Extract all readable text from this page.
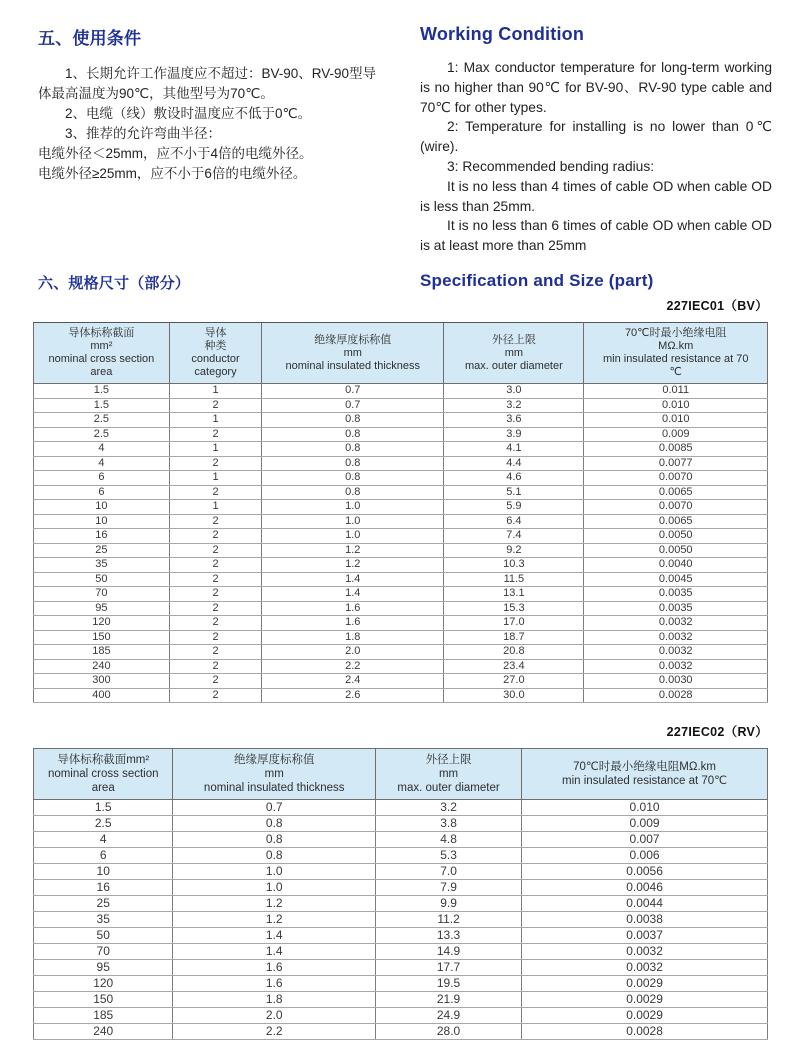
五、使用条件

1、长期允许工作温度应不超过：BV-90、RV-90型导体最高温度为90℃，其他型号为70℃。

2、电缆（线）敷设时温度应不低于0℃。

3、推荐的允许弯曲半径：

电缆外径＜25mm，应不小于4倍的电缆外径。

电缆外径≥25mm，应不小于6倍的电缆外径。

Working Condition

1: Max conductor temperature for long-term working is no higher than 90℃ for BV-90、RV-90 type cable and 70℃ for other types.

2: Temperature for installing is no lower than 0℃ (wire).

3: Recommended bending radius:

It is no less than 4 times of cable OD when cable OD is less than 25mm.

It is no less than 6 times of cable OD when cable OD is at least more than 25mm

六、规格尺寸（部分）	Specification and Size (part)
227IEC01（BV）
导体标称截面
mm²
nominal cross section
area

导体
种类
conductor
category

绝缘厚度标称值
mm
nominal insulated thickness

外径上限
mm
max. outer diameter

70℃时最小绝缘电阻
MΩ.km
min insulated resistance at 70
℃

1.5	1	0.7	3.0	0.011
1.5	2	0.7	3.2	0.010
2.5	1	0.8	3.6	0.010
2.5	2	0.8	3.9	0.009
4	1	0.8	4.1	0.0085
4	2	0.8	4.4	0.0077
6	1	0.8	4.6	0.0070
6	2	0.8	5.1	0.0065
10	1	1.0	5.9	0.0070
10	2	1.0	6.4	0.0065
16	2	1.0	7.4	0.0050
25	2	1.2	9.2	0.0050
35	2	1.2	10.3	0.0040
50	2	1.4	11.5	0.0045
70	2	1.4	13.1	0.0035
95	2	1.6	15.3	0.0035
120	2	1.6	17.0	0.0032
150	2	1.8	18.7	0.0032
185	2	2.0	20.8	0.0032
240	2	2.2	23.4	0.0032
300	2	2.4	27.0	0.0030
400	2	2.6	30.0	0.0028
227IEC02（RV）
导体标称截面mm²
nominal cross section
area

绝缘厚度标称值
mm
nominal insulated thickness

外径上限
mm
max. outer diameter

70℃时最小绝缘电阻MΩ.km
min insulated resistance at 70℃

1.5	0.7	3.2	0.010
2.5	0.8	3.8	0.009
4	0.8	4.8	0.007
6	0.8	5.3	0.006
10	1.0	7.0	0.0056
16	1.0	7.9	0.0046
25	1.2	9.9	0.0044
35	1.2	11.2	0.0038
50	1.4	13.3	0.0037
70	1.4	14.9	0.0032
95	1.6	17.7	0.0032
120	1.6	19.5	0.0029
150	1.8	21.9	0.0029
185	2.0	24.9	0.0029
240	2.2	28.0	0.0028
